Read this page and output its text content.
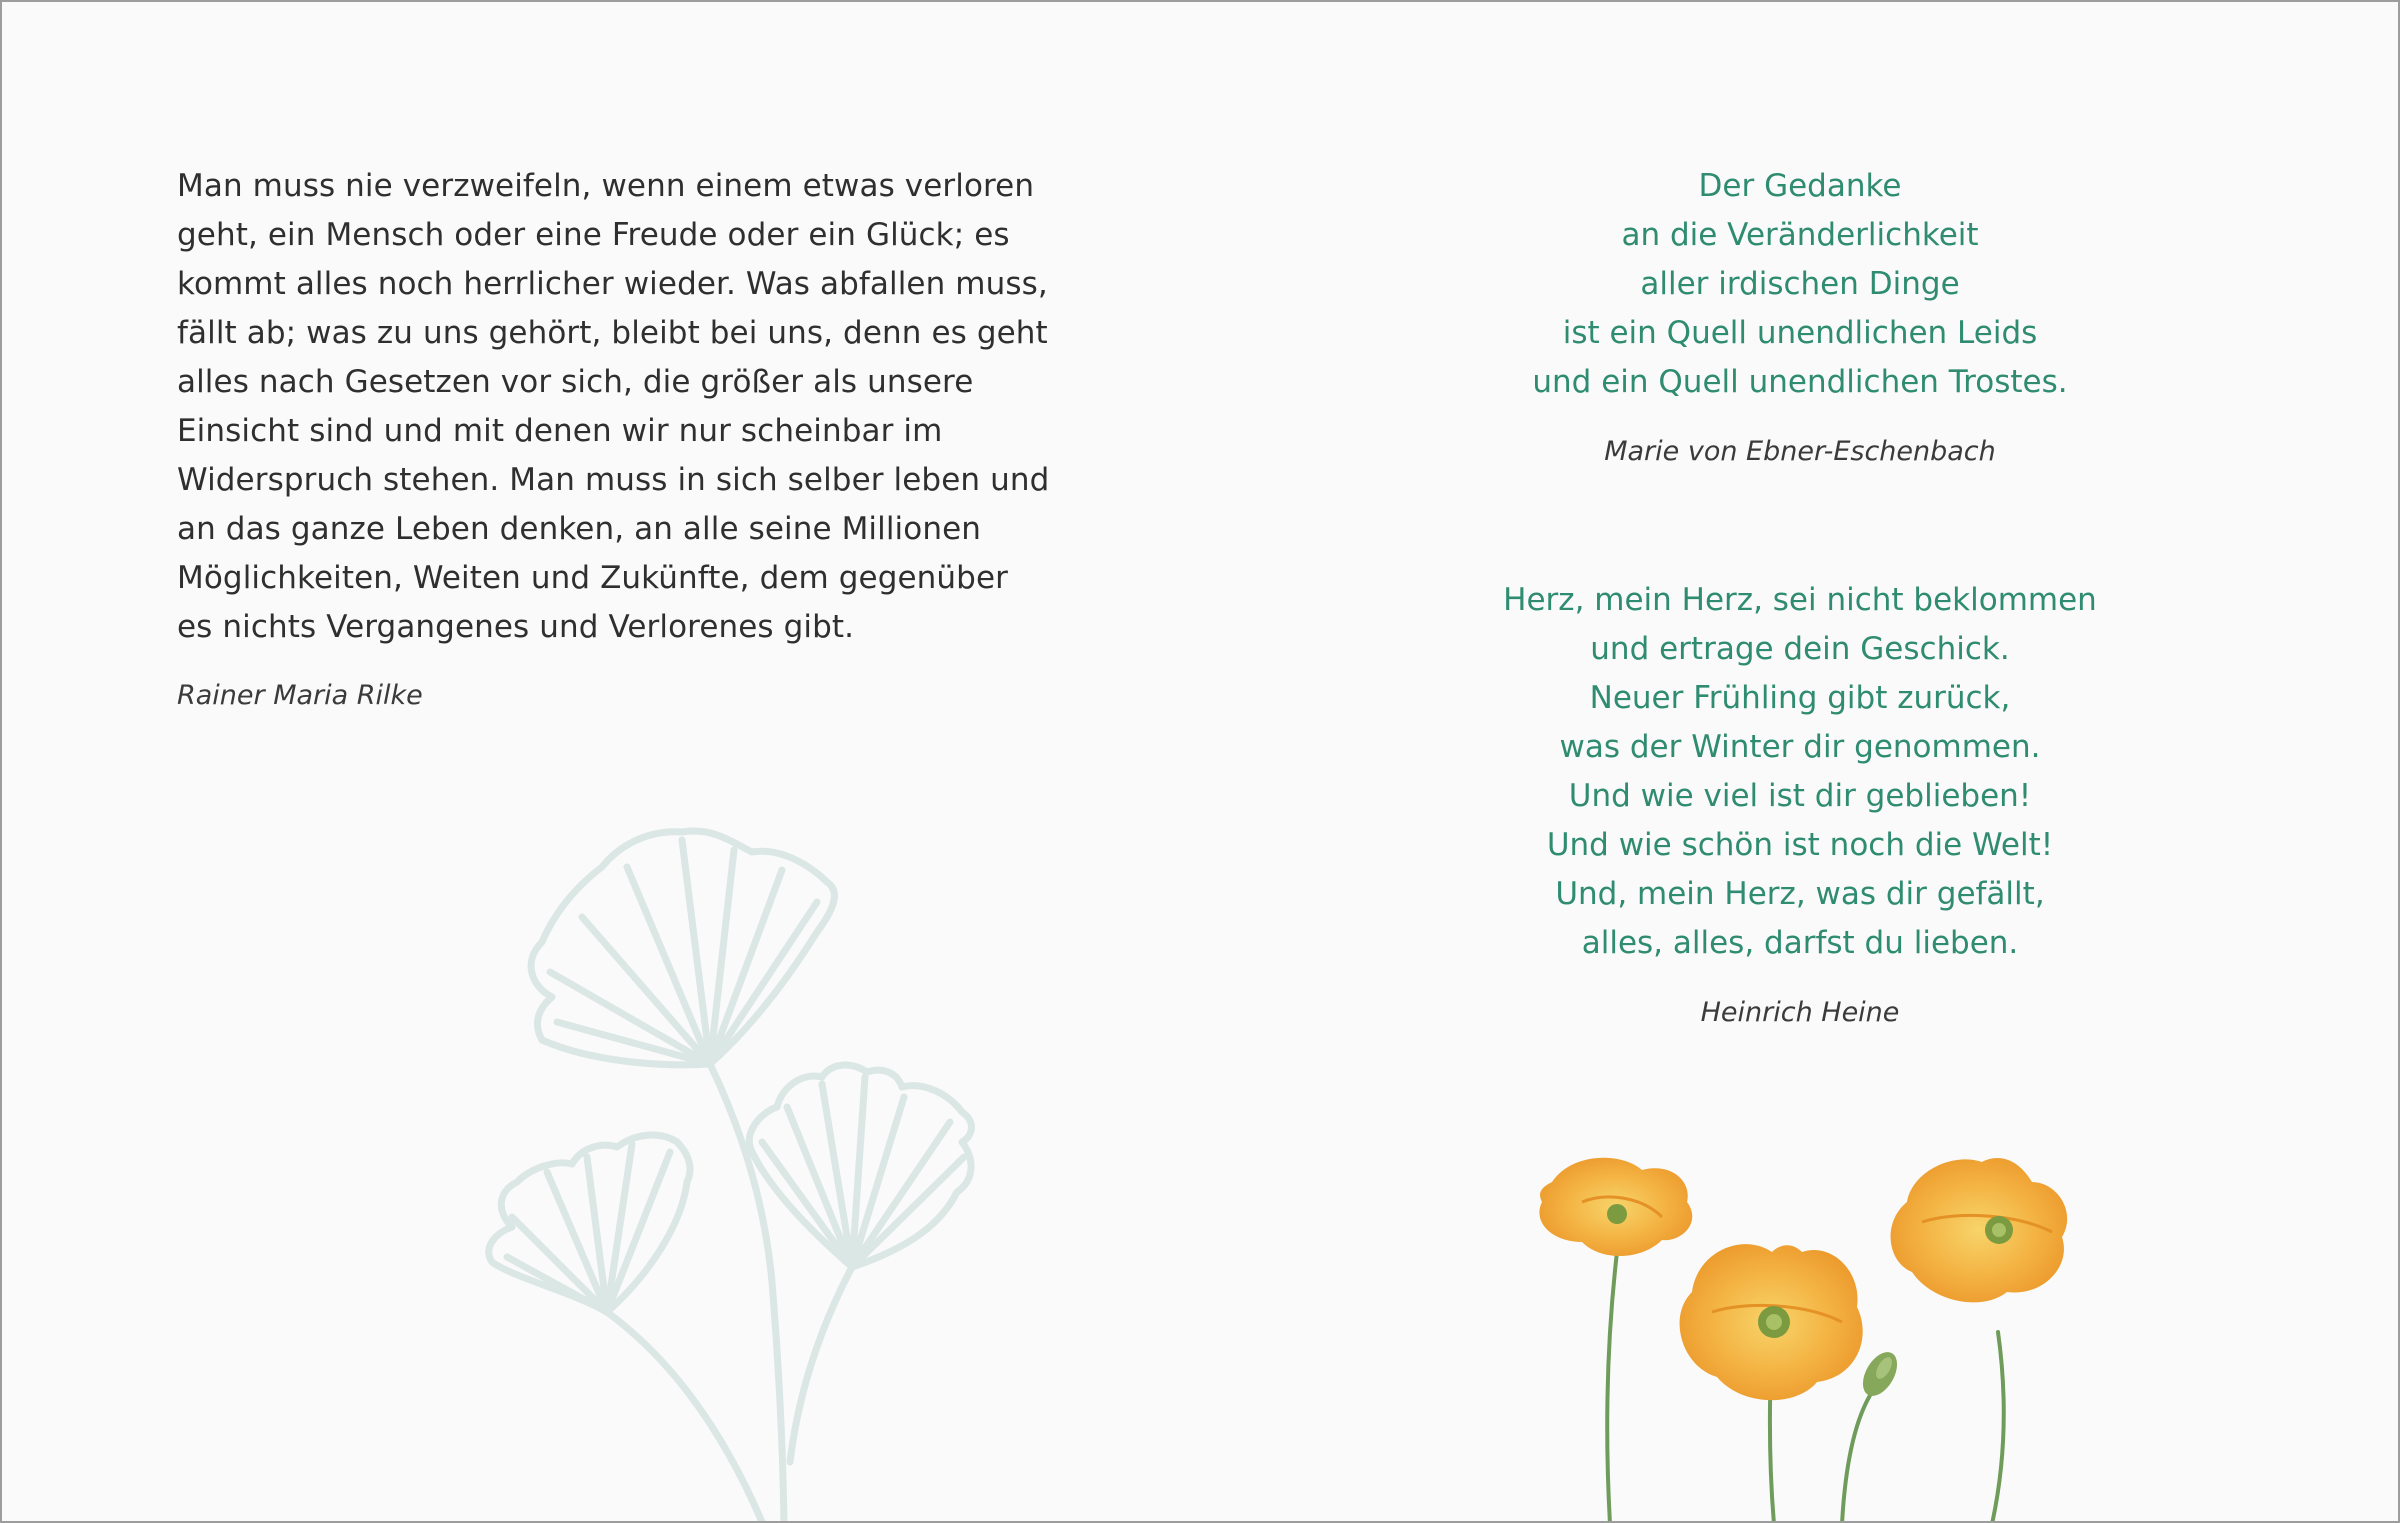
Man muss nie verzweifeln, wenn einem etwas verloren
geht, ein Mensch oder eine Freude oder ein Glück; es
kommt alles noch herrlicher wieder. Was abfallen muss,
fällt ab; was zu uns gehört, bleibt bei uns, denn es geht
alles nach Gesetzen vor sich, die größer als unsere
Einsicht sind und mit denen wir nur scheinbar im
Widerspruch stehen. Man muss in sich selber leben und
an das ganze Leben denken, an alle seine Millionen
Möglichkeiten, Weiten und Zukünfte, dem gegenüber
es nichts Vergangenes und Verlorenes gibt.

Rainer Maria Rilke

Der Gedanke
an die Veränderlichkeit
aller irdischen Dinge
ist ein Quell unendlichen Leids
und ein Quell unendlichen Trostes.

Marie von Ebner-Eschenbach

Herz, mein Herz, sei nicht beklommen
und ertrage dein Geschick.
Neuer Frühling gibt zurück,
was der Winter dir genommen.
Und wie viel ist dir geblieben!
Und wie schön ist noch die Welt!
Und, mein Herz, was dir gefällt,
alles, alles, darfst du lieben.

Heinrich Heine
